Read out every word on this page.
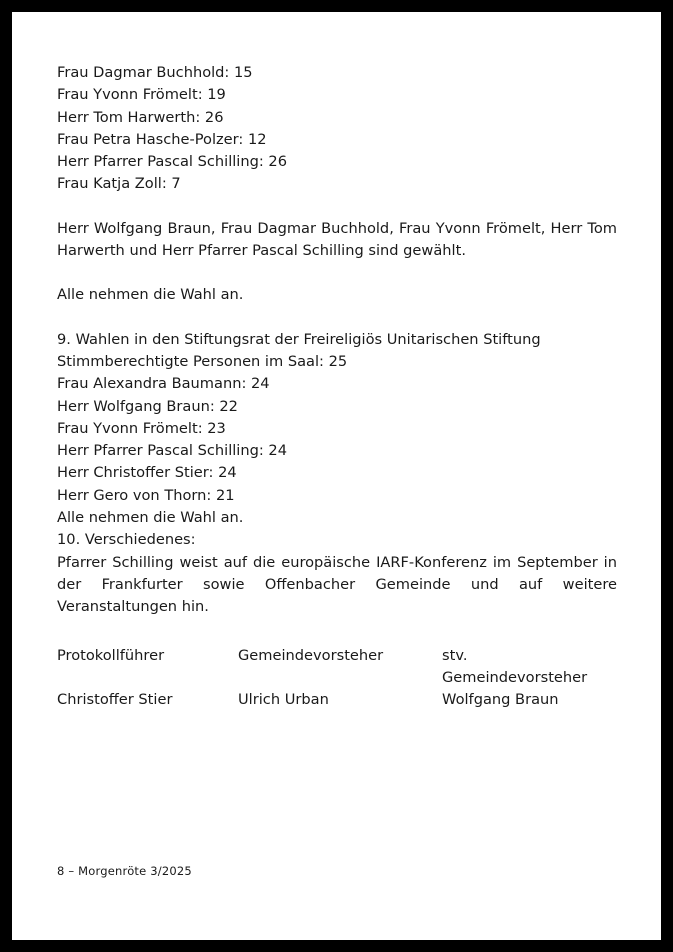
Frau Dagmar Buchhold: 15
Frau Yvonn Frömelt: 19
Herr Tom Harwerth: 26
Frau Petra Hasche-Polzer: 12
Herr Pfarrer Pascal Schilling: 26
Frau Katja Zoll: 7

Herr Wolfgang Braun, Frau Dagmar Buchhold, Frau Yvonn Frömelt, Herr Tom Harwerth und Herr Pfarrer Pascal Schilling sind gewählt.

Alle nehmen die Wahl an.
9. Wahlen in den Stiftungsrat der Freireligiös Unitarischen Stiftung
Stimmberechtigte Personen im Saal: 25
Frau Alexandra Baumann: 24
Herr Wolfgang Braun: 22
Frau Yvonn Frömelt: 23
Herr Pfarrer Pascal Schilling: 24
Herr Christoffer Stier: 24
Herr Gero von Thorn: 21
Alle nehmen die Wahl an.
10. Verschiedenes:

Pfarrer Schilling weist auf die europäische IARF-Konferenz im September in der Frankfurter sowie Offenbacher Gemeinde und auf weitere Veranstaltungen hin.

Protokollführer	Gemeindevorsteher	stv. Gemeindevorsteher
Christoffer Stier	Ulrich Urban	Wolfgang Braun
8 – Morgenröte 3/2025
